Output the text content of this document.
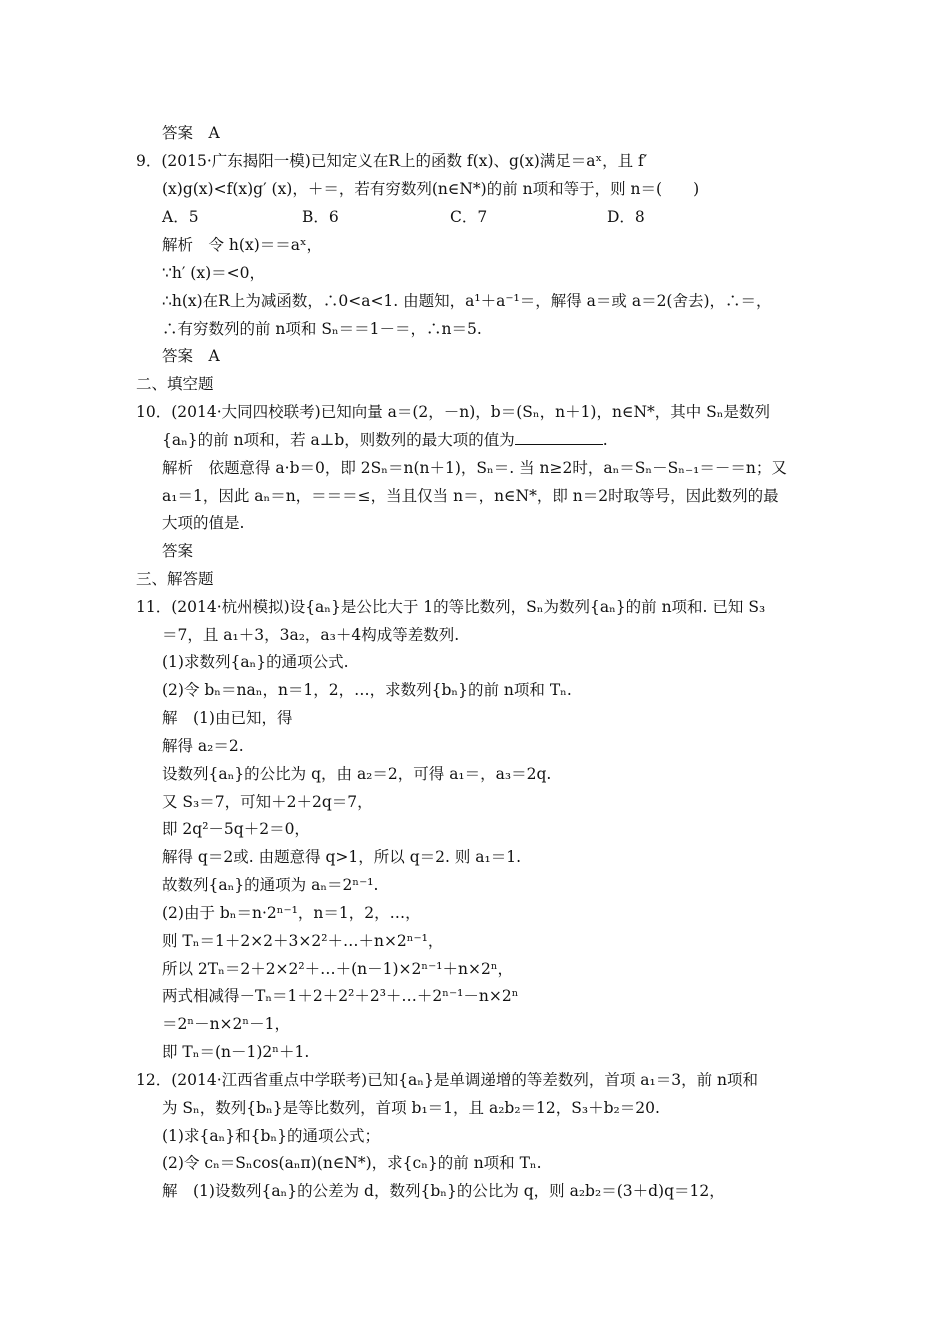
答案　A
9．(2015·广东揭阳一模)已知定义在R上的函数 f(x)、g(x)满足＝aˣ，且 f′
(x)g(x)<f(x)g′ (x)，＋＝，若有穷数列(n∈N*)的前 n项和等于，则 n＝(　　)
A．5	B．6	C．7	D．8
解析　令 h(x)＝＝aˣ，
∵h′ (x)＝<0，
∴h(x)在R上为减函数，∴0<a<1. 由题知，a¹＋a⁻¹＝，解得 a＝或 a＝2(舍去)，∴＝，
∴有穷数列的前 n项和 Sₙ＝＝1－＝，∴n＝5.
答案　A
二、填空题
10．(2014·大同四校联考)已知向量 a＝(2，－n)，b＝(Sₙ，n＋1)，n∈N*，其中 Sₙ是数列
{aₙ}的前 n项和，若 a⊥b，则数列的最大项的值为	.
解析　依题意得 a·b＝0，即 2Sₙ＝n(n＋1)，Sₙ＝. 当 n≥2时，aₙ＝Sₙ－Sₙ₋₁＝－＝n；又
a₁＝1，因此 aₙ＝n，＝＝＝≤，当且仅当 n＝，n∈N*，即 n＝2时取等号，因此数列的最
大项的值是.
答案
三、解答题
11．(2014·杭州模拟)设{aₙ}是公比大于 1的等比数列，Sₙ为数列{aₙ}的前 n项和. 已知 S₃
＝7，且 a₁＋3，3a₂，a₃＋4构成等差数列.
(1)求数列{aₙ}的通项公式.
(2)令 bₙ＝naₙ，n＝1，2，…，求数列{bₙ}的前 n项和 Tₙ.
解　(1)由已知，得
解得 a₂＝2.
设数列{aₙ}的公比为 q，由 a₂＝2，可得 a₁＝，a₃＝2q.
又 S₃＝7，可知＋2＋2q＝7，
即 2q²－5q＋2＝0，
解得 q＝2或. 由题意得 q>1，所以 q＝2. 则 a₁＝1.
故数列{aₙ}的通项为 aₙ＝2ⁿ⁻¹.
(2)由于 bₙ＝n·2ⁿ⁻¹，n＝1，2，…，
则 Tₙ＝1＋2×2＋3×2²＋…＋n×2ⁿ⁻¹，
所以 2Tₙ＝2＋2×2²＋…＋(n－1)×2ⁿ⁻¹＋n×2ⁿ，
两式相减得－Tₙ＝1＋2＋2²＋2³＋…＋2ⁿ⁻¹－n×2ⁿ
＝2ⁿ－n×2ⁿ－1，
即 Tₙ＝(n－1)2ⁿ＋1.
12．(2014·江西省重点中学联考)已知{aₙ}是单调递增的等差数列，首项 a₁＝3，前 n项和
为 Sₙ，数列{bₙ}是等比数列，首项 b₁＝1，且 a₂b₂＝12，S₃＋b₂＝20.
(1)求{aₙ}和{bₙ}的通项公式；
(2)令 cₙ＝Sₙcos(aₙπ)(n∈N*)，求{cₙ}的前 n项和 Tₙ.
解　(1)设数列{aₙ}的公差为 d，数列{bₙ}的公比为 q，则 a₂b₂＝(3＋d)q＝12，
